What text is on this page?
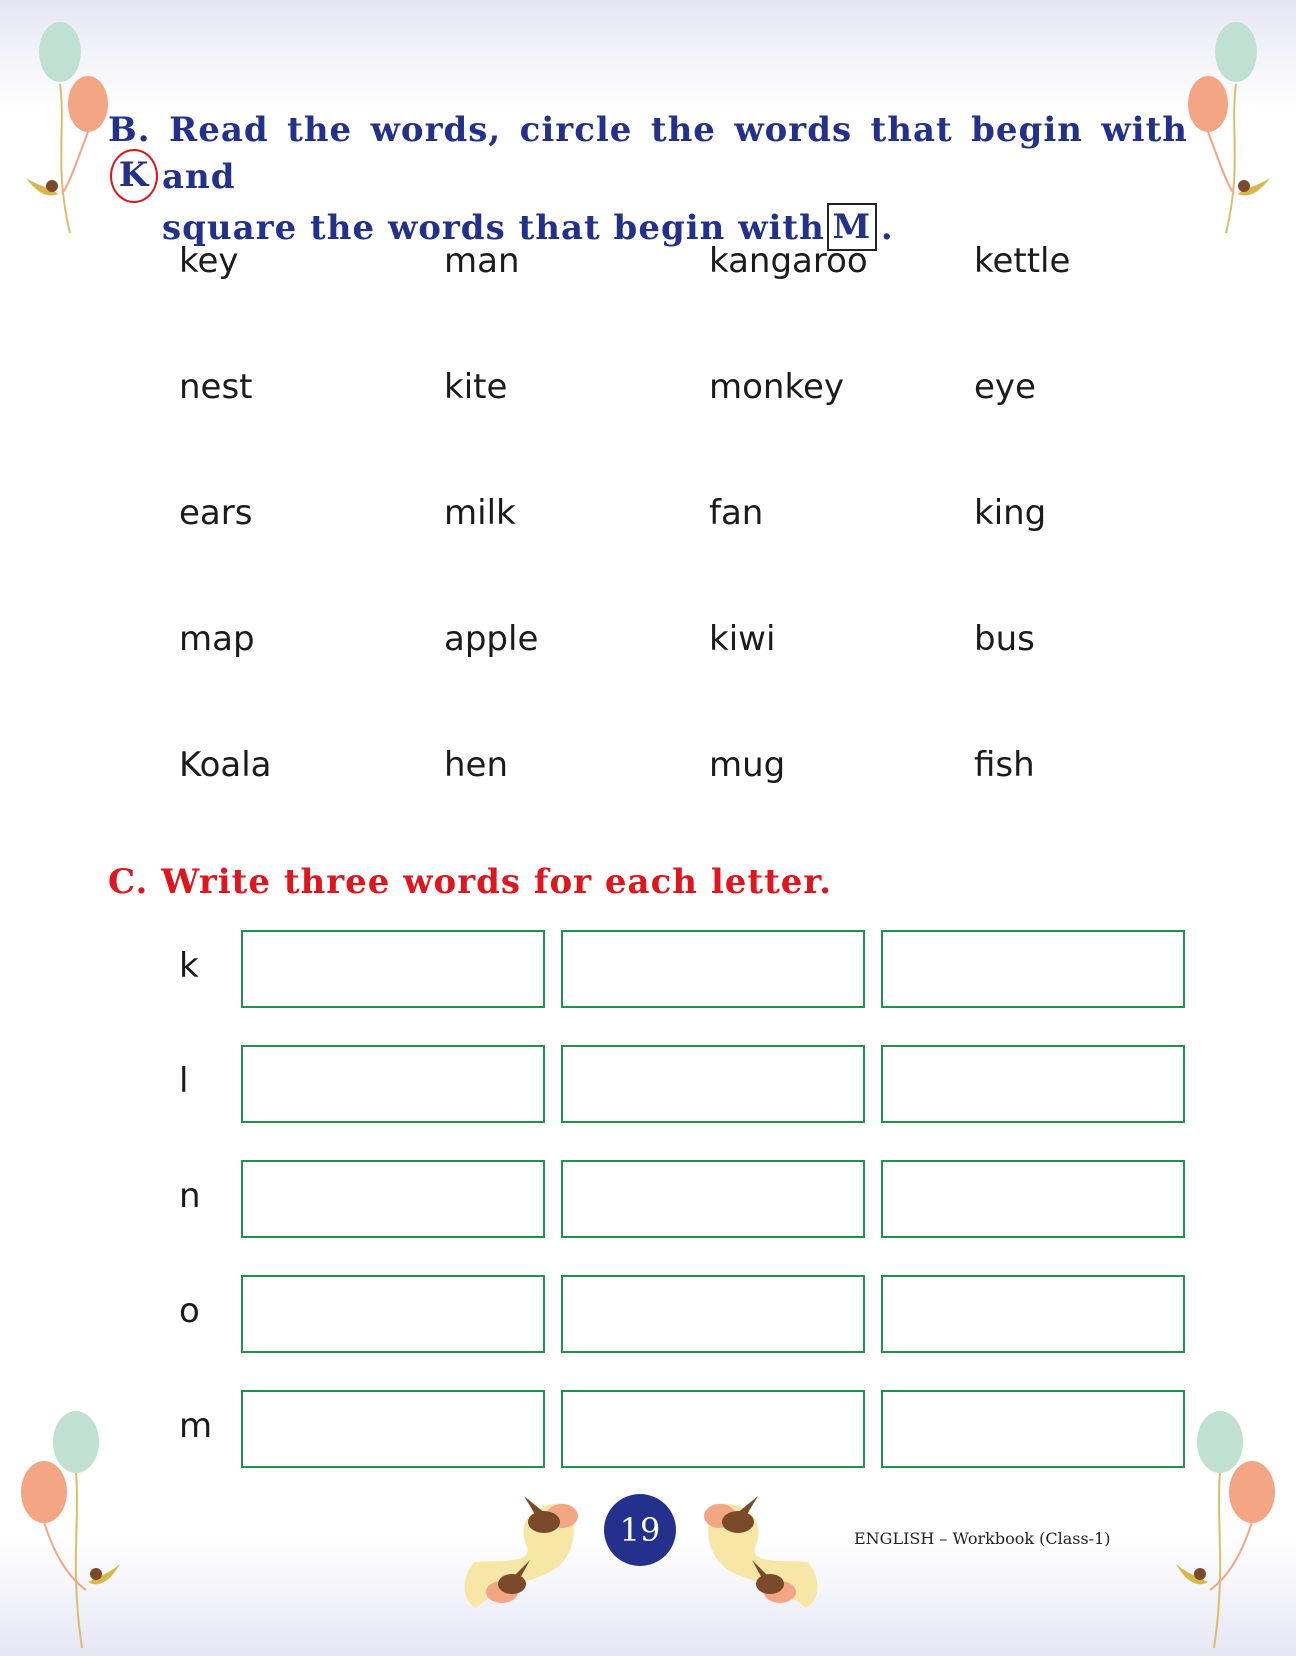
B. Read the words, circle the words that begin withK and
square the words that begin with M .
key	man	kangaroo	kettle
nest	kite	monkey	eye
ears	milk	fan	king
map	apple	kiwi	bus
Koala	hen	mug	fish
C. Write three words for each letter.
k
l
n
o
m
19	ENGLISH – Workbook (Class-1)
